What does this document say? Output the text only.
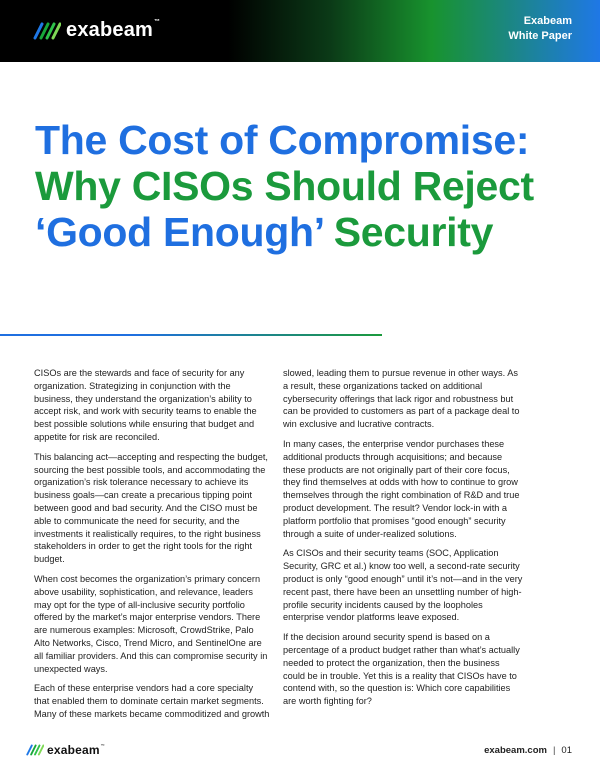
exabeam™	Exabeam
White Paper
The Cost of Compromise: Why CISOs Should Reject ‘Good Enough’ Security

CISOs are the stewards and face of security for any organization. Strategizing in conjunction with the business, they understand the organization’s ability to accept risk, and work with security teams to enable the best possible solutions while ensuring that budget and appetite for risk are reconciled.

This balancing act—accepting and respecting the budget, sourcing the best possible tools, and accommodating the organization’s risk tolerance necessary to achieve its business goals—can create a precarious tipping point between good and bad security. And the CISO must be able to communicate the need for security, and the investments it realistically requires, to the right business stakeholders in order to get the right tools for the right budget.

When cost becomes the organization’s primary concern above usability, sophistication, and relevance, leaders may opt for the type of all-inclusive security portfolio offered by the market’s major enterprise vendors. There are numerous examples: Microsoft, CrowdStrike, Palo Alto Networks, Cisco, Trend Micro, and SentinelOne are all familiar providers. And this can compromise security in unexpected ways.

Each of these enterprise vendors had a core specialty that enabled them to dominate certain market segments. Many of these markets became commoditized and growth

slowed, leading them to pursue revenue in other ways. As a result, these organizations tacked on additional cybersecurity offerings that lack rigor and robustness but can be provided to customers as part of a package deal to win exclusive and lucrative contracts.

In many cases, the enterprise vendor purchases these additional products through acquisitions; and because these products are not originally part of their core focus, they find themselves at odds with how to continue to grow themselves through the right combination of R&D and true product development. The result? Vendor lock-in with a platform portfolio that promises “good enough” security through a suite of under-realized solutions.

As CISOs and their security teams (SOC, Application Security, GRC et al.) know too well, a second-rate security product is only “good enough” until it’s not—and in the very recent past, there have been an unsettling number of high-profile security incidents caused by the loopholes enterprise vendor platforms leave exposed.

If the decision around security spend is based on a percentage of a product budget rather than what’s actually needed to protect the organization, then the business could be in trouble. Yet this is a reality that CISOs have to contend with, so the question is: Which core capabilities are worth fighting for?

exabeam™	exabeam.com | 01
